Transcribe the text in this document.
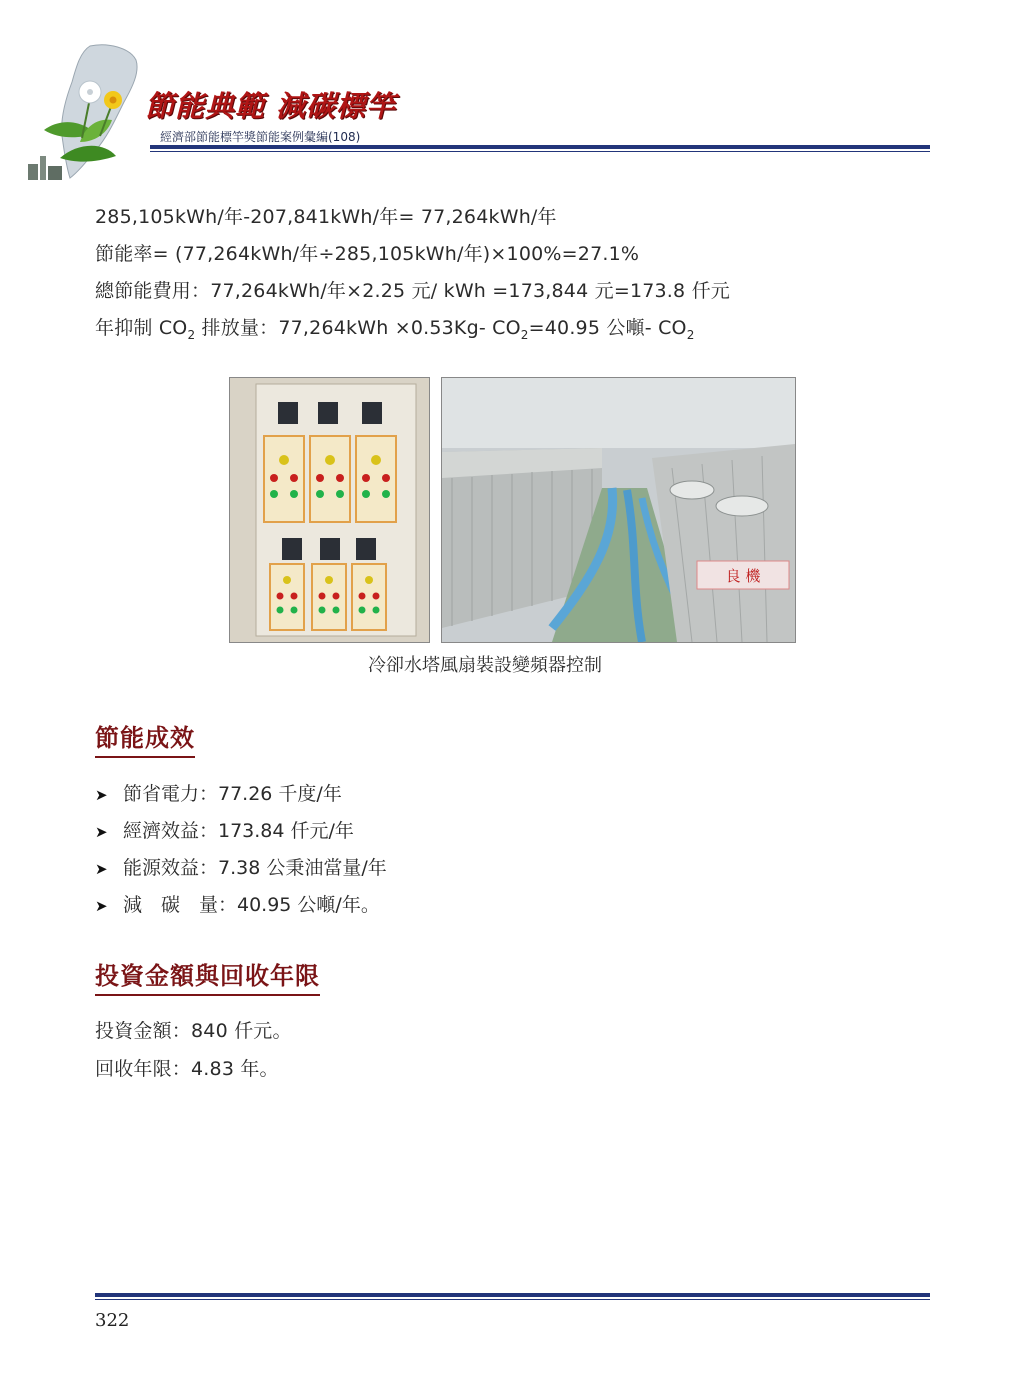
節能典範 減碳標竿
經濟部節能標竿獎節能案例彙編(108)
285,105kWh/年-207,841kWh/年= 77,264kWh/年
節能率= (77,264kWh/年÷285,105kWh/年)×100%=27.1%
總節能費用：77,264kWh/年×2.25 元/ kWh =173,844 元=173.8 仟元
年抑制 $CO_2$ 排放量：77,264kWh ×0.53Kg- $CO_2=40.95$ 公噸- $CO_2$
良 機
冷卻水塔風扇裝設變頻器控制
節能成效
➤ 節省電力：77.26 千度/年
➤ 經濟效益：173.84 仟元/年
➤ 能源效益：7.38 公秉油當量/年
➤ 減　碳　量：40.95 公噸/年。
投資金額與回收年限
投資金額：840 仟元。
回收年限：4.83 年。
322
